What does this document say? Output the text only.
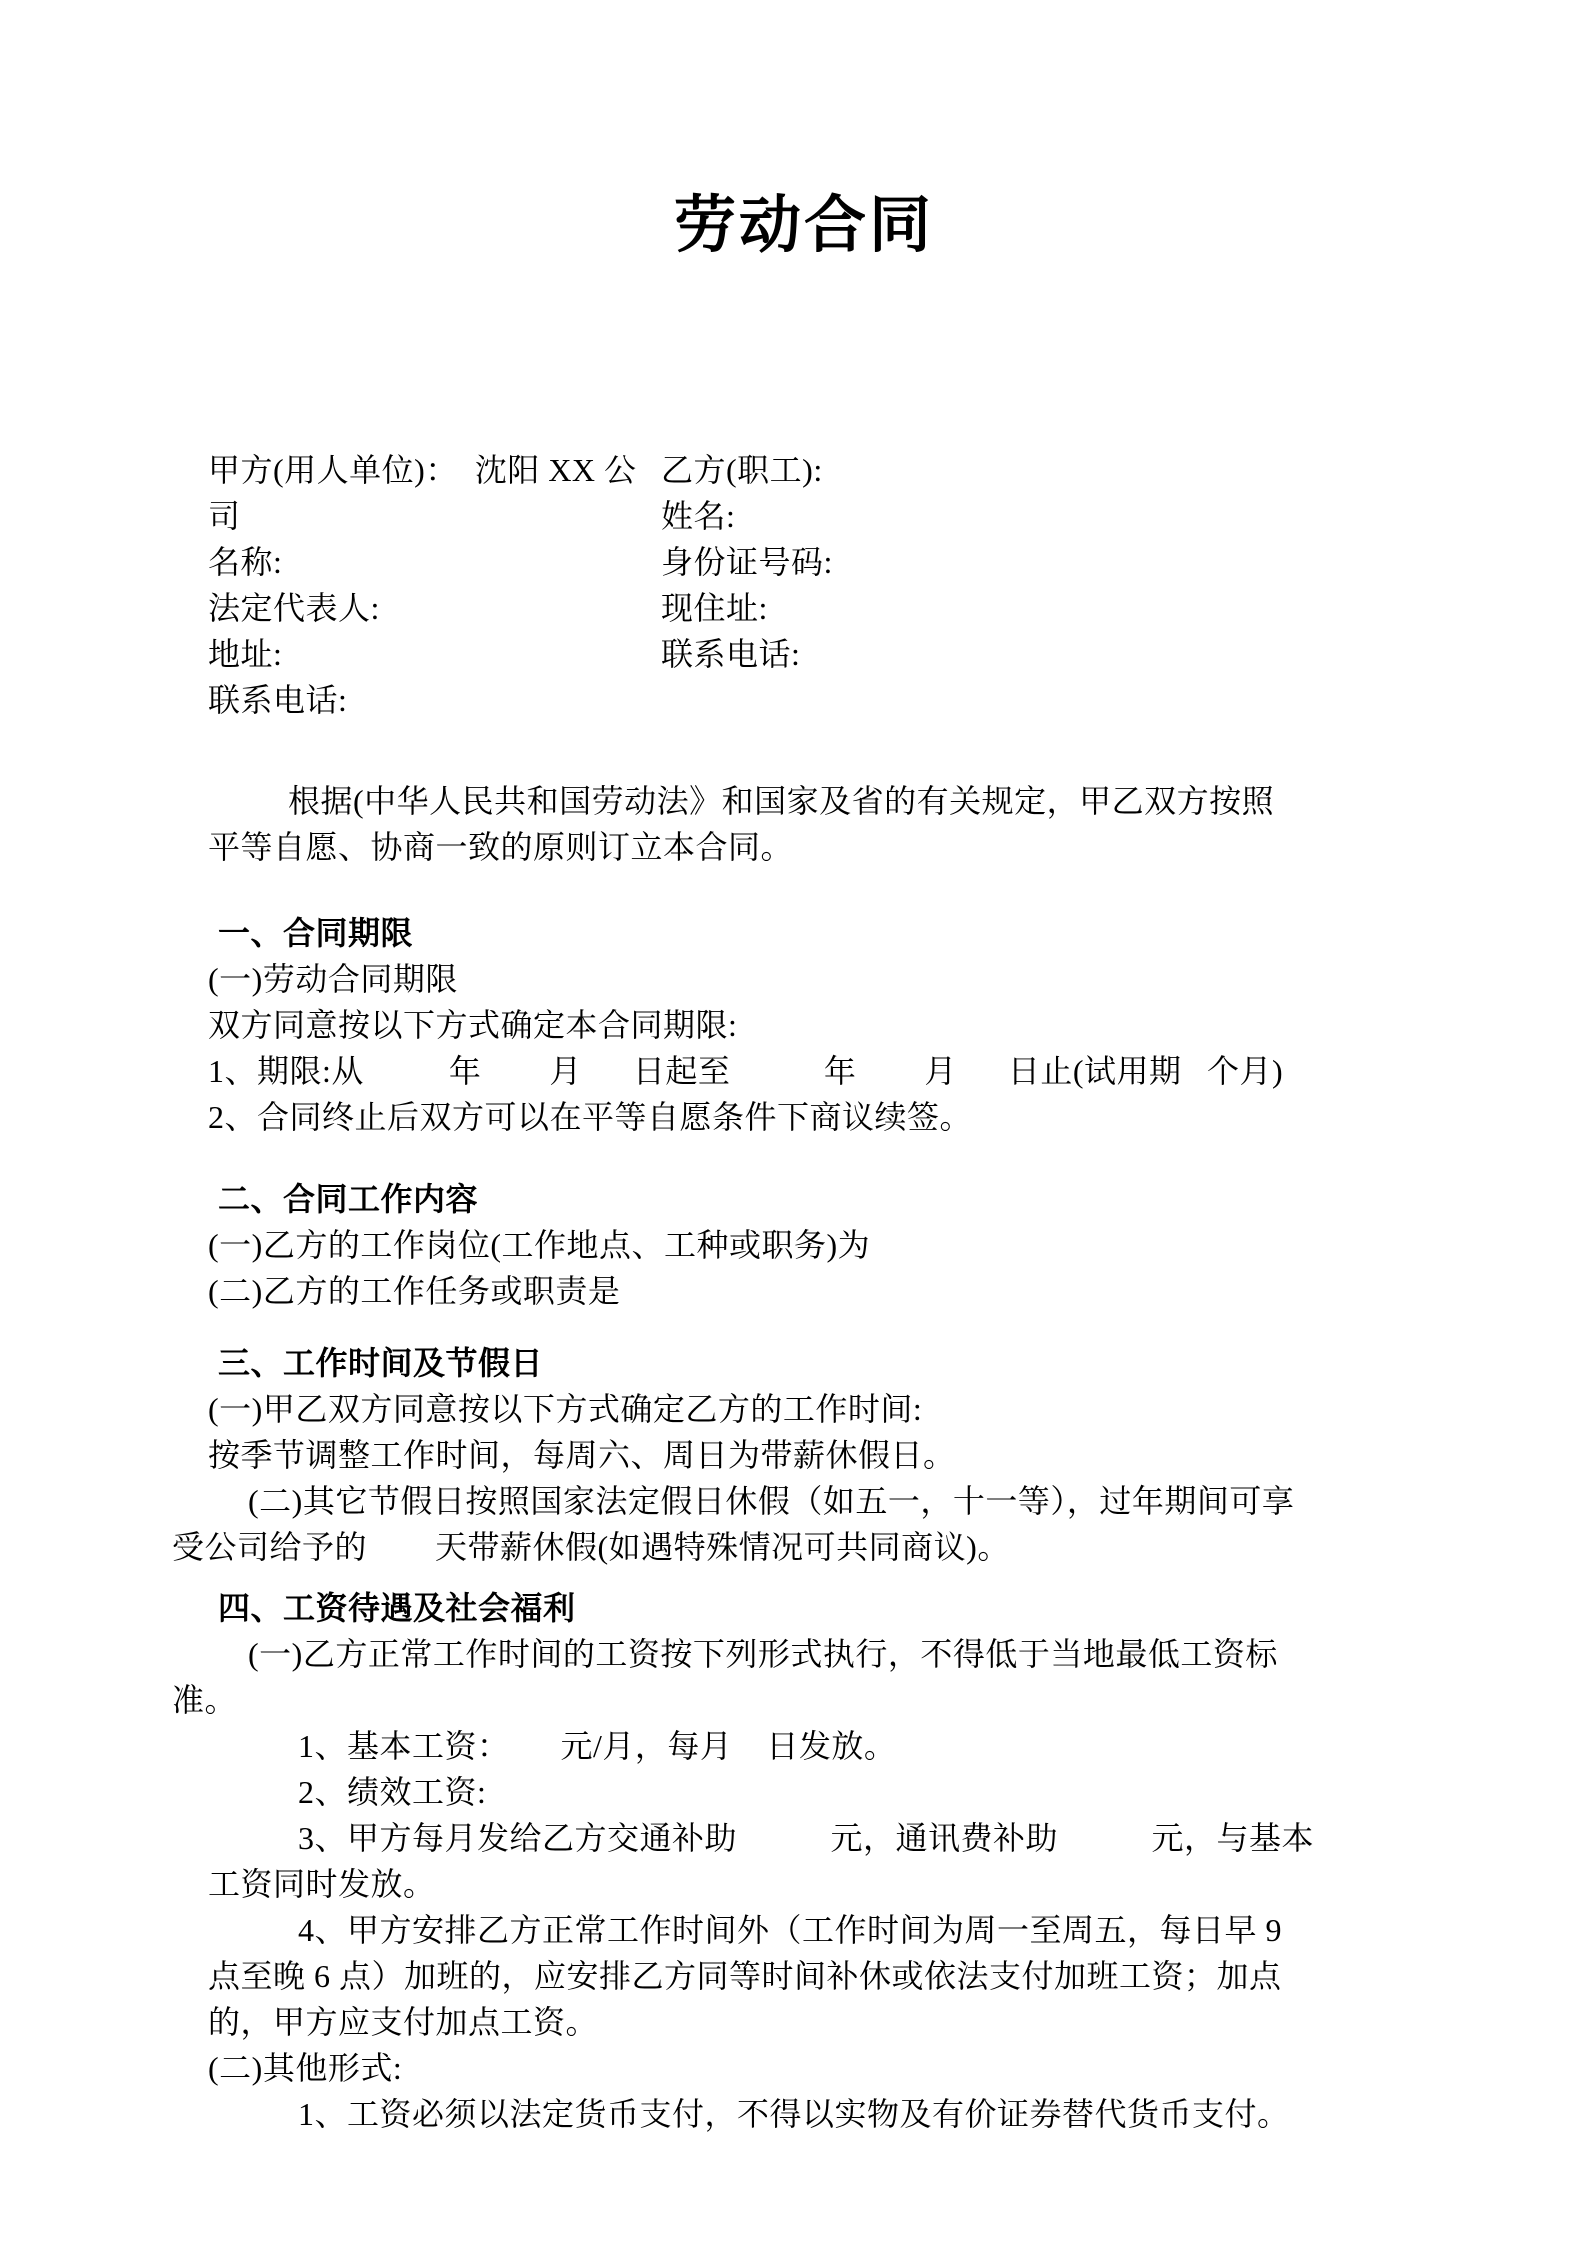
劳动合同
甲方(用人单位)：  沈阳 XX 公司
名称:
法定代表人:
地址:
联系电话:
乙方(职工):
姓名:
身份证号码:
现住址:
联系电话:
根据(中华人民共和国劳动法》和国家及省的有关规定，甲乙双方按照
平等自愿、协商一致的原则订立本合同。
一、合同期限
(一)劳动合同期限
双方同意按以下方式确定本合同期限:
1、期限:从          年        月      日起至           年        月      日止(试用期   个月)
2、合同终止后双方可以在平等自愿条件下商议续签。
二、合同工作内容
(一)乙方的工作岗位(工作地点、工种或职务)为
(二)乙方的工作任务或职责是
三、工作时间及节假日
(一)甲乙双方同意按以下方式确定乙方的工作时间:
按季节调整工作时间，每周六、周日为带薪休假日。
(二)其它节假日按照国家法定假日休假（如五一，十一等），过年期间可享
受公司给予的        天带薪休假(如遇特殊情况可共同商议)。
四、工资待遇及社会福利
(一)乙方正常工作时间的工资按下列形式执行，不得低于当地最低工资标
准。
1、基本工资：      元/月，每月    日发放。
2、绩效工资:
3、甲方每月发给乙方交通补助           元，通讯费补助           元，与基本
工资同时发放。
4、甲方安排乙方正常工作时间外（工作时间为周一至周五，每日早 9
点至晚 6 点）加班的，应安排乙方同等时间补休或依法支付加班工资；加点
的，甲方应支付加点工资。
(二)其他形式:
1、工资必须以法定货币支付，不得以实物及有价证券替代货币支付。
